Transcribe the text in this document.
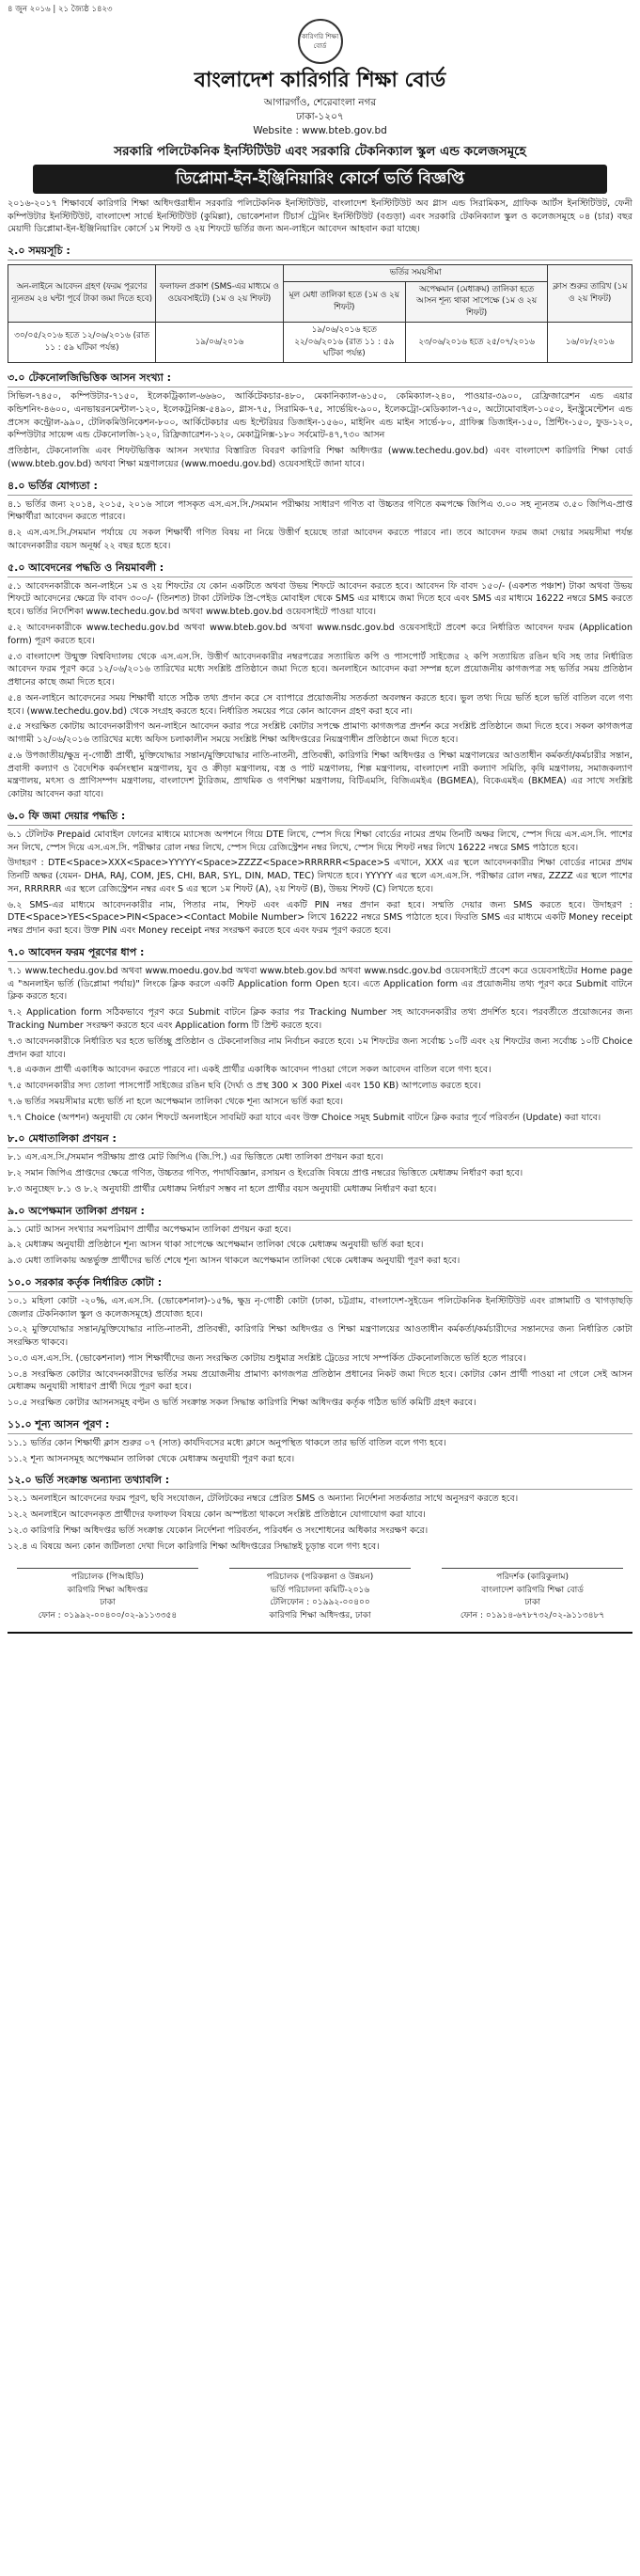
৪ জুন ২০১৬ | ২১ জ্যৈষ্ঠ ১৪২৩
কারিগরি শিক্ষা বোর্ড
বাংলাদেশ কারিগরি শিক্ষা বোর্ড
আগারগাঁও, শেরেবাংলা নগর
ঢাকা-১২০৭
Website : www.bteb.gov.bd
সরকারি পলিটেকনিক ইনস্টিটিউট এবং সরকারি টেকনিক্যাল স্কুল এন্ড কলেজসমূহে
ডিপ্লোমা-ইন-ইঞ্জিনিয়ারিং কোর্সে ভর্তি বিজ্ঞপ্তি
২০১৬-২০১৭ শিক্ষাবর্ষে কারিগরি শিক্ষা অধিদপ্তরাধীন সরকারি পলিটেকনিক ইনস্টিটিউট, বাংলাদেশ ইনস্টিটিউট অব গ্লাস এন্ড সিরামিকস, গ্রাফিক আর্টস ইনস্টিটিউট, ফেনী কম্পিউটার ইনস্টিটিউট, বাংলাদেশ সার্ভে ইনস্টিটিউট (কুমিল্লা), ভোকেশনাল টিচার্স ট্রেনিং ইনস্টিটিউট (বগুড়া) এবং সরকারি টেকনিক্যাল স্কুল ও কলেজসমূহে ০৪ (চার) বছর মেয়াদী ডিপ্লোমা-ইন-ইঞ্জিনিয়ারিং কোর্সে ১ম শিফট ও ২য় শিফটে ভর্তির জন্য অন-লাইনে আবেদন আহবান করা যাচ্ছে।
২.০ সময়সূচি :
অন-লাইনে আবেদন গ্রহণ (ফরম পূরণের ন্যূনতম ২৪ ঘন্টা পূর্বে টাকা জমা দিতে হবে)	ফলাফল প্রকাশ (SMS-এর মাধ্যমে ও ওয়েবসাইটে) (১ম ও ২য় শিফট)	ভর্তির সময়সীমা		ক্লাস শুরুর তারিখ (১ম ও ২য় শিফট)
		মূল মেধা তালিকা হতে (১ম ও ২য় শিফট)	অপেক্ষমান (মেধাক্রম) তালিকা হতে আসন শূন্য থাকা সাপেক্ষে (১ম ও ২য় শিফট)	
৩০/০৫/২০১৬ হতে ১২/০৬/২০১৬ (রাত ১১ : ৫৯ ঘটিকা পর্যন্ত)	১৯/০৬/২০১৬	১৯/০৬/২০১৬ হতে ২২/০৬/২০১৬ (রাত ১১ : ৫৯ ঘটিকা পর্যন্ত)	২৩/০৬/২০১৬ হতে ২৫/০৭/২০১৬	১৬/০৮/২০১৬
৩.০ টেকনোলজিভিত্তিক আসন সংখ্যা :
সিভিল-৭৪৫০, কম্পিউটার-৭১৫০, ইলেকট্রিক্যাল-৬৬৬০, আর্কিটেকচার-৪৮০, মেকানিক্যাল-৬১৫০, কেমিক্যাল-২৪০, পাওয়ার-৩৯০০, রেফ্রিজারেশন এন্ড এয়ার কন্ডিশনিং-৪৬০০, এনভায়রনমেন্টাল-১২০, ইলেকট্রনিক্স-৫৪৯০, গ্লাস-৭৫, সিরামিক-৭৫, সার্ভেয়িং-৯০০, ইলেকট্রো-মেডিক্যাল-৭৫০, অটোমোবাইল-১০৫০, ইনস্ট্রুমেন্টেশন এন্ড প্রসেস কন্ট্রোল-৯৯০, টেলিকমিউনিকেশন-৮০০, আর্কিটেকচার এন্ড ইন্টেরিয়র ডিজাইন-১৫৬০, মাইনিং এন্ড মাইন সার্ভে-৮০, গ্রাফিক্স ডিজাইন-১৫০, প্রিন্টিং-১৫০, ফুড-১২০, কম্পিউটার সায়েন্স এন্ড টেকনোলজি-১২০, রিফ্রিজারেশন-১২০, মেকাট্রনিক্স-১৮০ সর্বমোট-৪৭,৭৩০ আসন
প্রতিষ্ঠান, টেকনোলজি এবং শিফটভিত্তিক আসন সংখ্যার বিস্তারিত বিবরণ কারিগরি শিক্ষা অধিদপ্তর (www.techedu.gov.bd) এবং বাংলাদেশ কারিগরি শিক্ষা বোর্ড (www.bteb.gov.bd) অথবা শিক্ষা মন্ত্রণালয়ের (www.moedu.gov.bd) ওয়েবসাইটে জানা যাবে।
৪.০ ভর্তির যোগ্যতা :
৪.১ ভর্তির জন্য ২০১৪, ২০১৫, ২০১৬ সালে পাসকৃত এস.এস.সি./সমমান পরীক্ষায় সাধারণ গণিত বা উচ্চতর গণিতে কমপক্ষে জিপিএ ৩.০০ সহ ন্যূনতম ৩.৫০ জিপিএ-প্রাপ্ত শিক্ষার্থীরা আবেদন করতে পারবে।
৪.২ এস.এস.সি./সমমান পর্যায়ে যে সকল শিক্ষার্থী গণিত বিষয় না নিয়ে উত্তীর্ণ হয়েছে তারা আবেদন করতে পারবে না। তবে আবেদন ফরম জমা দেয়ার সময়সীমা পর্যন্ত আবেদনকারীর বয়স অনূর্ধ্ব ২২ বছর হতে হবে।
৫.০ আবেদনের পদ্ধতি ও নিয়মাবলী :
৫.১ আবেদনকারীকে অন-লাইনে ১ম ও ২য় শিফটের যে কোন একটিতে অথবা উভয় শিফটে আবেদন করতে হবে। আবেদন ফি বাবদ ১৫০/- (একশত পঞ্চাশ) টাকা অথবা উভয় শিফটে আবেদনের ক্ষেত্রে ফি বাবদ ৩০০/- (তিনশত) টাকা টেলিটক প্রি-পেইড মোবাইল থেকে SMS এর মাধ্যমে জমা দিতে হবে এবং SMS এর মাধ্যমে 16222 নম্বরে SMS করতে হবে। ভর্তির নির্দেশিকা www.techedu.gov.bd অথবা www.bteb.gov.bd ওয়েবসাইটে পাওয়া যাবে।
৫.২ আবেদনকারীকে www.techedu.gov.bd অথবা www.bteb.gov.bd অথবা www.nsdc.gov.bd ওয়েবসাইটে প্রবেশ করে নির্ধারিত আবেদন ফরম (Application form) পূরণ করতে হবে।
৫.৩ বাংলাদেশ উন্মুক্ত বিশ্ববিদ্যালয় থেকে এস.এস.সি. উত্তীর্ণ আবেদনকারীর নম্বরপত্রের সত্যায়িত কপি ও পাসপোর্ট সাইজের ২ কপি সত্যায়িত রঙিন ছবি সহ তার নির্ধারিত আবেদন ফরম পূরণ করে ১২/০৬/২০১৬ তারিখের মধ্যে সংশ্লিষ্ট প্রতিষ্ঠানে জমা দিতে হবে। অনলাইনে আবেদন করা সম্পন্ন হলে প্রয়োজনীয় কাগজপত্র সহ ভর্তির সময় প্রতিষ্ঠান প্রধানের কাছে জমা দিতে হবে।
৫.৪ অন-লাইনে আবেদনের সময় শিক্ষার্থী যাতে সঠিক তথ্য প্রদান করে সে ব্যাপারে প্রয়োজনীয় সতর্কতা অবলম্বন করতে হবে। ভুল তথ্য দিয়ে ভর্তি হলে ভর্তি বাতিল বলে গণ্য হবে। (www.techedu.gov.bd) থেকে সংগ্রহ করতে হবে। নির্ধারিত সময়ের পরে কোন আবেদন গ্রহণ করা হবে না।
৫.৫ সংরক্ষিত কোটায় আবেদনকারীগণ অন-লাইনে আবেদন করার পরে সংশ্লিষ্ট কোটার সপক্ষে প্রামাণ্য কাগজপত্র প্রদর্শন করে সংশ্লিষ্ট প্রতিষ্ঠানে জমা দিতে হবে। সকল কাগজপত্র আগামী ১২/০৬/২০১৬ তারিখের মধ্যে অফিস চলাকালীন সময়ে সংশ্লিষ্ট শিক্ষা অধিদপ্তরের নিয়ন্ত্রণাধীন প্রতিষ্ঠানে জমা দিতে হবে।
৫.৬ উপজাতীয়/ক্ষুদ্র নৃ-গোষ্ঠী প্রার্থী, মুক্তিযোদ্ধার সন্তান/মুক্তিযোদ্ধার নাতি-নাতনী, প্রতিবন্ধী, কারিগরি শিক্ষা অধিদপ্তর ও শিক্ষা মন্ত্রণালয়ের আওতাধীন কর্মকর্তা/কর্মচারীর সন্তান, প্রবাসী কল্যাণ ও বৈদেশিক কর্মসংস্থান মন্ত্রণালয়, যুব ও ক্রীড়া মন্ত্রণালয়, বস্ত্র ও পাট মন্ত্রণালয়, শিল্প মন্ত্রণালয়, বাংলাদেশ নারী কল্যাণ সমিতি, কৃষি মন্ত্রণালয়, সমাজকল্যাণ মন্ত্রণালয়, মৎস্য ও প্রাণিসম্পদ মন্ত্রণালয়, বাংলাদেশ ট্যুরিজম, প্রাথমিক ও গণশিক্ষা মন্ত্রণালয়, বিটিএমসি, বিজিএমইএ (BGMEA), বিকেএমইএ (BKMEA) এর সাথে সংশ্লিষ্ট কোটায় আবেদন করা যাবে।
৬.০ ফি জমা দেয়ার পদ্ধতি :
৬.১ টেলিটক Prepaid মোবাইল ফোনের মাধ্যমে ম্যাসেজ অপশনে গিয়ে DTE লিখে, স্পেস দিয়ে শিক্ষা বোর্ডের নামের প্রথম তিনটি অক্ষর লিখে, স্পেস দিয়ে এস.এস.সি. পাশের সন লিখে, স্পেস দিয়ে এস.এস.সি. পরীক্ষার রোল নম্বর লিখে, স্পেস দিয়ে রেজিস্ট্রেশন নম্বর লিখে, স্পেস দিয়ে শিফট নম্বর লিখে 16222 নম্বরে SMS পাঠাতে হবে।
উদাহরণ : DTE<Space>XXX<Space>YYYYY<Space>ZZZZ<Space>RRRRRR<Space>S এখানে, XXX এর স্থলে আবেদনকারীর শিক্ষা বোর্ডের নামের প্রথম তিনটি অক্ষর (যেমন- DHA, RAJ, COM, JES, CHI, BAR, SYL, DIN, MAD, TEC) লিখতে হবে। YYYYY এর স্থলে এস.এস.সি. পরীক্ষার রোল নম্বর, ZZZZ এর স্থলে পাশের সন, RRRRRR এর স্থলে রেজিস্ট্রেশন নম্বর এবং S এর স্থলে ১ম শিফট (A), ২য় শিফট (B), উভয় শিফট (C) লিখতে হবে।
৬.২ SMS-এর মাধ্যমে আবেদনকারীর নাম, পিতার নাম, শিফট এবং একটি PIN নম্বর প্রদান করা হবে। সম্মতি দেয়ার জন্য SMS করতে হবে। উদাহরণ : DTE<Space>YES<Space>PIN<Space><Contact Mobile Number> লিখে 16222 নম্বরে SMS পাঠাতে হবে। ফিরতি SMS এর মাধ্যমে একটি Money receipt নম্বর প্রদান করা হবে। উক্ত PIN এবং Money receipt নম্বর সংরক্ষণ করতে হবে এবং ফরম পূরণ করতে হবে।
৭.০ আবেদন ফরম পূরণের ধাপ :
৭.১ www.techedu.gov.bd অথবা www.moedu.gov.bd অথবা www.bteb.gov.bd অথবা www.nsdc.gov.bd ওয়েবসাইটে প্রবেশ করে ওয়েবসাইটের Home page এ "অনলাইন ভর্তি (ডিপ্লোমা পর্যায়)" লিংকে ক্লিক করলে একটি Application form Open হবে। এতে Application form এর প্রয়োজনীয় তথ্য পূরণ করে Submit বাটনে ক্লিক করতে হবে।
৭.২ Application form সঠিকভাবে পূরণ করে Submit বাটনে ক্লিক করার পর Tracking Number সহ আবেদনকারীর তথ্য প্রদর্শিত হবে। পরবর্তীতে প্রয়োজনের জন্য Tracking Number সংরক্ষণ করতে হবে এবং Application form টি প্রিন্ট করতে হবে।
৭.৩ আবেদনকারীকে নির্ধারিত ঘর হতে ভর্তিচ্ছু প্রতিষ্ঠান ও টেকনোলজির নাম নির্বাচন করতে হবে। ১ম শিফটের জন্য সর্বোচ্চ ১০টি এবং ২য় শিফটের জন্য সর্বোচ্চ ১০টি Choice প্রদান করা যাবে।
৭.৪ একজন প্রার্থী একাধিক আবেদন করতে পারবে না। একই প্রার্থীর একাধিক আবেদন পাওয়া গেলে সকল আবেদন বাতিল বলে গণ্য হবে।
৭.৫ আবেদনকারীর সদ্য তোলা পাসপোর্ট সাইজের রঙিন ছবি (দৈর্ঘ্য ও প্রস্থ 300 × 300 Pixel এবং 150 KB) আপলোড করতে হবে।
৭.৬ ভর্তির সময়সীমার মধ্যে ভর্তি না হলে অপেক্ষমান তালিকা থেকে শূন্য আসনে ভর্তি করা হবে।
৭.৭ Choice (অপশন) অনুযায়ী যে কোন শিফটে অনলাইনে সাবমিট করা যাবে এবং উক্ত Choice সমূহ Submit বাটনে ক্লিক করার পূর্বে পরিবর্তন (Update) করা যাবে।
৮.০ মেধাতালিকা প্রণয়ন :
৮.১ এস.এস.সি./সমমান পরীক্ষায় প্রাপ্ত মোট জিপিএ (জি.পি.) এর ভিত্তিতে মেধা তালিকা প্রণয়ন করা হবে।
৮.২ সমান জিপিএ প্রাপ্তদের ক্ষেত্রে গণিত, উচ্চতর গণিত, পদার্থবিজ্ঞান, রসায়ন ও ইংরেজি বিষয়ে প্রাপ্ত নম্বরের ভিত্তিতে মেধাক্রম নির্ধারণ করা হবে।
৮.৩ অনুচ্ছেদ ৮.১ ও ৮.২ অনুযায়ী প্রার্থীর মেধাক্রম নির্ধারণ সম্ভব না হলে প্রার্থীর বয়স অনুযায়ী মেধাক্রম নির্ধারণ করা হবে।
৯.০ অপেক্ষমান তালিকা প্রণয়ন :
৯.১ মোট আসন সংখ্যার সমপরিমাণ প্রার্থীর অপেক্ষমান তালিকা প্রণয়ন করা হবে।
৯.২ মেধাক্রম অনুযায়ী প্রতিষ্ঠানে শূন্য আসন থাকা সাপেক্ষে অপেক্ষমান তালিকা থেকে মেধাক্রম অনুযায়ী ভর্তি করা হবে।
৯.৩ মেধা তালিকায় অন্তর্ভুক্ত প্রার্থীদের ভর্তি শেষে শূন্য আসন থাকলে অপেক্ষমান তালিকা থেকে মেধাক্রম অনুযায়ী পূরণ করা হবে।
১০.০ সরকার কর্তৃক নির্ধারিত কোটা :
১০.১ মহিলা কোটা -২০%, এস.এস.সি. (ভোকেশনাল)-১৫%, ক্ষুদ্র নৃ-গোষ্ঠী কোটা (ঢাকা, চট্টগ্রাম, বাংলাদেশ-সুইডেন পলিটেকনিক ইনস্টিটিউট এবং রাঙ্গামাটি ও খাগড়াছড়ি জেলার টেকনিক্যাল স্কুল ও কলেজসমূহে) প্রযোজ্য হবে।
১০.২ মুক্তিযোদ্ধার সন্তান/মুক্তিযোদ্ধার নাতি-নাতনী, প্রতিবন্ধী, কারিগরি শিক্ষা অধিদপ্তর ও শিক্ষা মন্ত্রণালয়ের আওতাধীন কর্মকর্তা/কর্মচারীদের সন্তানদের জন্য নির্ধারিত কোটা সংরক্ষিত থাকবে।
১০.৩ এস.এস.সি. (ভোকেশনাল) পাস শিক্ষার্থীদের জন্য সংরক্ষিত কোটায় শুধুমাত্র সংশ্লিষ্ট ট্রেডের সাথে সম্পর্কিত টেকনোলজিতে ভর্তি হতে পারবে।
১০.৪ সংরক্ষিত কোটার আবেদনকারীদের ভর্তির সময় প্রয়োজনীয় প্রামাণ্য কাগজপত্র প্রতিষ্ঠান প্রধানের নিকট জমা দিতে হবে। কোটার কোন প্রার্থী পাওয়া না গেলে সেই আসন মেধাক্রম অনুযায়ী সাধারণ প্রার্থী দিয়ে পূরণ করা হবে।
১০.৫ সংরক্ষিত কোটার আসনসমূহ বণ্টন ও ভর্তি সংক্রান্ত সকল সিদ্ধান্ত কারিগরি শিক্ষা অধিদপ্তর কর্তৃক গঠিত ভর্তি কমিটি গ্রহণ করবে।
১১.০ শূন্য আসন পূরণ :
১১.১ ভর্তির কোন শিক্ষার্থী ক্লাস শুরুর ০৭ (সাত) কার্যদিবসের মধ্যে ক্লাসে অনুপস্থিত থাকলে তার ভর্তি বাতিল বলে গণ্য হবে।
১১.২ শূন্য আসনসমূহ অপেক্ষমান তালিকা থেকে মেধাক্রম অনুযায়ী পূরণ করা হবে।
১২.০ ভর্তি সংক্রান্ত অন্যান্য তথ্যাবলি :
১২.১ অনলাইনে আবেদনের ফরম পূরণ, ছবি সংযোজন, টেলিটকের নম্বরে প্রেরিত SMS ও অন্যান্য নির্দেশনা সতর্কতার সাথে অনুসরণ করতে হবে।
১২.২ অনলাইনে আবেদনকৃত প্রার্থীদের ফলাফল বিষয়ে কোন অস্পষ্টতা থাকলে সংশ্লিষ্ট প্রতিষ্ঠানে যোগাযোগ করা যাবে।
১২.৩ কারিগরি শিক্ষা অধিদপ্তর ভর্তি সংক্রান্ত যেকোন নির্দেশনা পরিবর্তন, পরিবর্ধন ও সংশোধনের অধিকার সংরক্ষণ করে।
১২.৪ এ বিষয়ে অন্য কোন জটিলতা দেখা দিলে কারিগরি শিক্ষা অধিদপ্তরের সিদ্ধান্তই চূড়ান্ত বলে গণ্য হবে।
পরিচালক (পিআইডি)
কারিগরি শিক্ষা অধিদপ্তর
ঢাকা
ফোন : ০১৯৯২-০০৪০০/০২-৯১১৩৩৫৪
পরিচালক (পরিকল্পনা ও উন্নয়ন)
ভর্তি পরিচালনা কমিটি-২০১৬
টেলিফোন : ০১৯৯২-০০৪০০
কারিগরি শিক্ষা অধিদপ্তর, ঢাকা
পরিদর্শক (কারিকুলাম)
বাংলাদেশ কারিগরি শিক্ষা বোর্ড
ঢাকা
ফোন : ০১৯১৪-৬৭৮৭৩২/০২-৯১১৩৪৮৭
